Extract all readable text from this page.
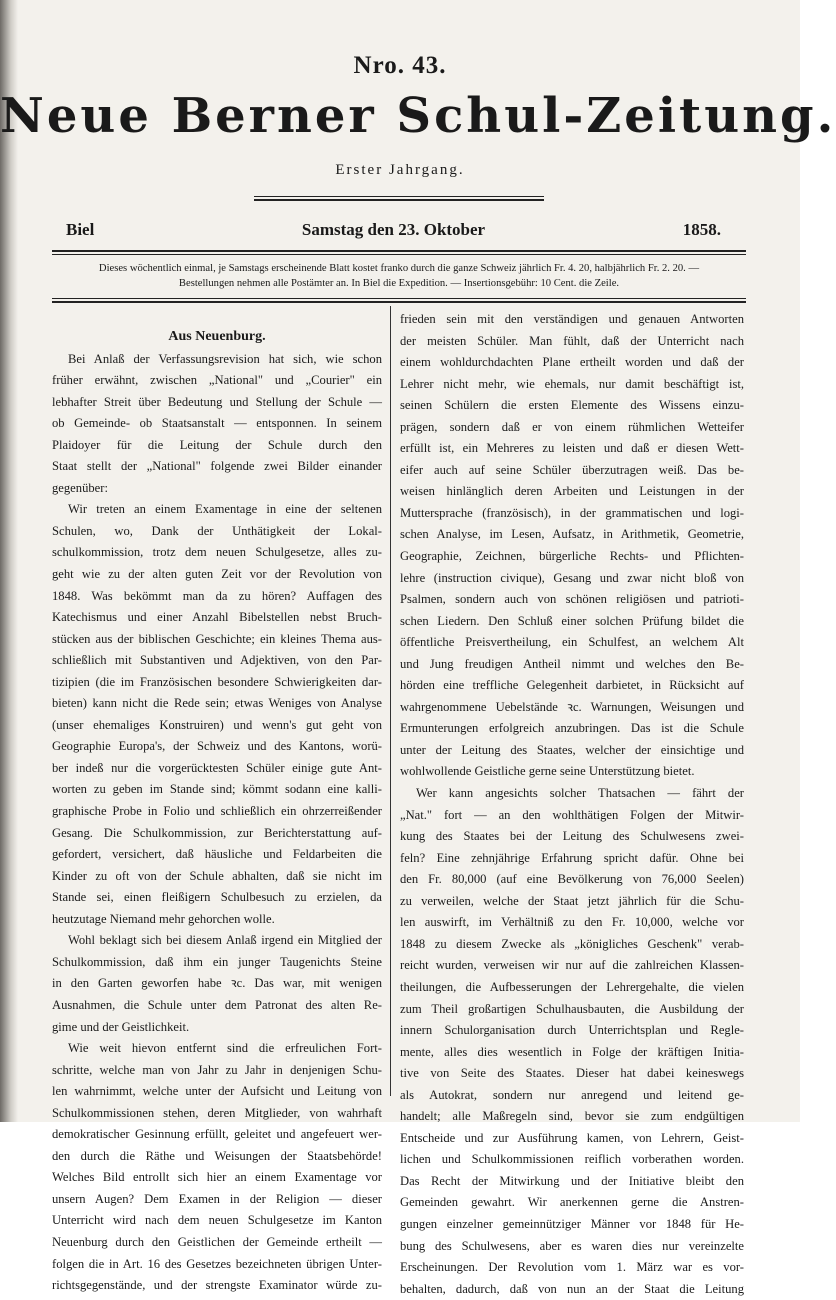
Nro. 43.
Neue Berner Schul-Zeitung.
Erster Jahrgang.
Biel	Samstag den 23. Oktober	1858.
Dieses wöchentlich einmal, je Samstags erscheinende Blatt kostet franko durch die ganze Schweiz jährlich Fr. 4. 20, halbjährlich Fr. 2. 20. —
Bestellungen nehmen alle Postämter an. In Biel die Expedition. — Insertionsgebühr: 10 Cent. die Zeile.
Aus Neuenburg.
Bei Anlaß der Verfassungsrevision hat sich, wie schon
früher erwähnt, zwischen „National" und „Courier" ein
lebhafter Streit über Bedeutung und Stellung der Schule —
ob Gemeinde- ob Staatsanstalt — entsponnen. In seinem
Plaidoyer für die Leitung der Schule durch den
Staat stellt der „National" folgende zwei Bilder einander
gegenüber:
Wir treten an einem Examentage in eine der seltenen
Schulen, wo, Dank der Unthätigkeit der Lokal-
schulkommission, trotz dem neuen Schulgesetze, alles zu-
geht wie zu der alten guten Zeit vor der Revolution von
1848. Was bekömmt man da zu hören? Auffagen des
Katechismus und einer Anzahl Bibelstellen nebst Bruch-
stücken aus der biblischen Geschichte; ein kleines Thema aus-
schließlich mit Substantiven und Adjektiven, von den Par-
tizipien (die im Französischen besondere Schwierigkeiten dar-
bieten) kann nicht die Rede sein; etwas Weniges von Analyse
(unser ehemaliges Konstruiren) und wenn's gut geht von
Geographie Europa's, der Schweiz und des Kantons, worü-
ber indeß nur die vorgerücktesten Schüler einige gute Ant-
worten zu geben im Stande sind; kömmt sodann eine kalli-
graphische Probe in Folio und schließlich ein ohrzerreißender
Gesang. Die Schulkommission, zur Berichterstattung auf-
gefordert, versichert, daß häusliche und Feldarbeiten die
Kinder zu oft von der Schule abhalten, daß sie nicht im
Stande sei, einen fleißigern Schulbesuch zu erzielen, da
heutzutage Niemand mehr gehorchen wolle.
Wohl beklagt sich bei diesem Anlaß irgend ein Mitglied der
Schulkommission, daß ihm ein junger Taugenichts Steine
in den Garten geworfen habe ꝛc. Das war, mit wenigen
Ausnahmen, die Schule unter dem Patronat des alten Re-
gime und der Geistlichkeit.
Wie weit hievon entfernt sind die erfreulichen Fort-
schritte, welche man von Jahr zu Jahr in denjenigen Schu-
len wahrnimmt, welche unter der Aufsicht und Leitung von
Schulkommissionen stehen, deren Mitglieder, von wahrhaft
demokratischer Gesinnung erfüllt, geleitet und angefeuert wer-
den durch die Räthe und Weisungen der Staatsbehörde!
Welches Bild entrollt sich hier an einem Examentage vor
unsern Augen? Dem Examen in der Religion — dieser
Unterricht wird nach dem neuen Schulgesetze im Kanton
Neuenburg durch den Geistlichen der Gemeinde ertheilt —
folgen die in Art. 16 des Gesetzes bezeichneten übrigen Unter-
richtsgegenstände, und der strengste Examinator würde zu-
frieden sein mit den verständigen und genauen Antworten
der meisten Schüler. Man fühlt, daß der Unterricht nach
einem wohldurchdachten Plane ertheilt worden und daß der
Lehrer nicht mehr, wie ehemals, nur damit beschäftigt ist,
seinen Schülern die ersten Elemente des Wissens einzu-
prägen, sondern daß er von einem rühmlichen Wetteifer
erfüllt ist, ein Mehreres zu leisten und daß er diesen Wett-
eifer auch auf seine Schüler überzutragen weiß. Das be-
weisen hinlänglich deren Arbeiten und Leistungen in der
Muttersprache (französisch), in der grammatischen und logi-
schen Analyse, im Lesen, Aufsatz, in Arithmetik, Geometrie,
Geographie, Zeichnen, bürgerliche Rechts- und Pflichten-
lehre (instruction civique), Gesang und zwar nicht bloß von
Psalmen, sondern auch von schönen religiösen und patrioti-
schen Liedern. Den Schluß einer solchen Prüfung bildet die
öffentliche Preisvertheilung, ein Schulfest, an welchem Alt
und Jung freudigen Antheil nimmt und welches den Be-
hörden eine treffliche Gelegenheit darbietet, in Rücksicht auf
wahrgenommene Uebelstände ꝛc. Warnungen, Weisungen und
Ermunterungen erfolgreich anzubringen. Das ist die Schule
unter der Leitung des Staates, welcher der einsichtige und
wohlwollende Geistliche gerne seine Unterstützung bietet.
Wer kann angesichts solcher Thatsachen — fährt der
„Nat." fort — an den wohlthätigen Folgen der Mitwir-
kung des Staates bei der Leitung des Schulwesens zwei-
feln? Eine zehnjährige Erfahrung spricht dafür. Ohne bei
den Fr. 80,000 (auf eine Bevölkerung von 76,000 Seelen)
zu verweilen, welche der Staat jetzt jährlich für die Schu-
len auswirft, im Verhältniß zu den Fr. 10,000, welche vor
1848 zu diesem Zwecke als „königliches Geschenk" verab-
reicht wurden, verweisen wir nur auf die zahlreichen Klassen-
theilungen, die Aufbesserungen der Lehrergehalte, die vielen
zum Theil großartigen Schulhausbauten, die Ausbildung der
innern Schulorganisation durch Unterrichtsplan und Regle-
mente, alles dies wesentlich in Folge der kräftigen Initia-
tive von Seite des Staates. Dieser hat dabei keineswegs
als Autokrat, sondern nur anregend und leitend ge-
handelt; alle Maßregeln sind, bevor sie zum endgültigen
Entscheide und zur Ausführung kamen, von Lehrern, Geist-
lichen und Schulkommissionen reiflich vorberathen worden.
Das Recht der Mitwirkung und der Initiative bleibt den
Gemeinden gewahrt. Wir anerkennen gerne die Anstren-
gungen einzelner gemeinnütziger Männer vor 1848 für He-
bung des Schulwesens, aber es waren dies nur vereinzelte
Erscheinungen. Der Revolution vom 1. März war es vor-
behalten, dadurch, daß von nun an der Staat die Leitung
